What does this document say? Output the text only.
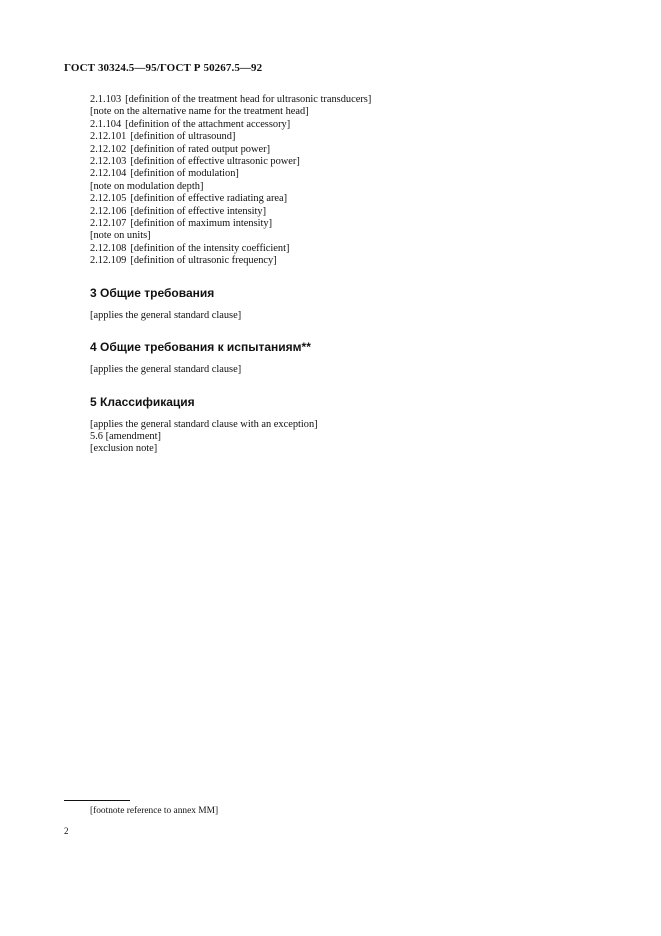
ГОСТ 30324.5—95/ГОСТ Р 50267.5—92

2.1.103 [definition of the treatment head for ultrasonic transducers]

[note on the alternative name for the treatment head]

2.1.104 [definition of the attachment accessory]

2.12.101 [definition of ultrasound]

2.12.102 [definition of rated output power]

2.12.103 [definition of effective ultrasonic power]

2.12.104 [definition of modulation]

[note on modulation depth]

2.12.105 [definition of effective radiating area]

2.12.106 [definition of effective intensity]

2.12.107 [definition of maximum intensity]

[note on units]

2.12.108 [definition of the intensity coefficient]

2.12.109 [definition of ultrasonic frequency]

3 Общие требования

[applies the general standard clause]

4 Общие требования к испытаниям**

[applies the general standard clause]

5 Классификация

[applies the general standard clause with an exception]

5.6 [amendment]

[exclusion note]

[footnote reference to annex MM]
2
